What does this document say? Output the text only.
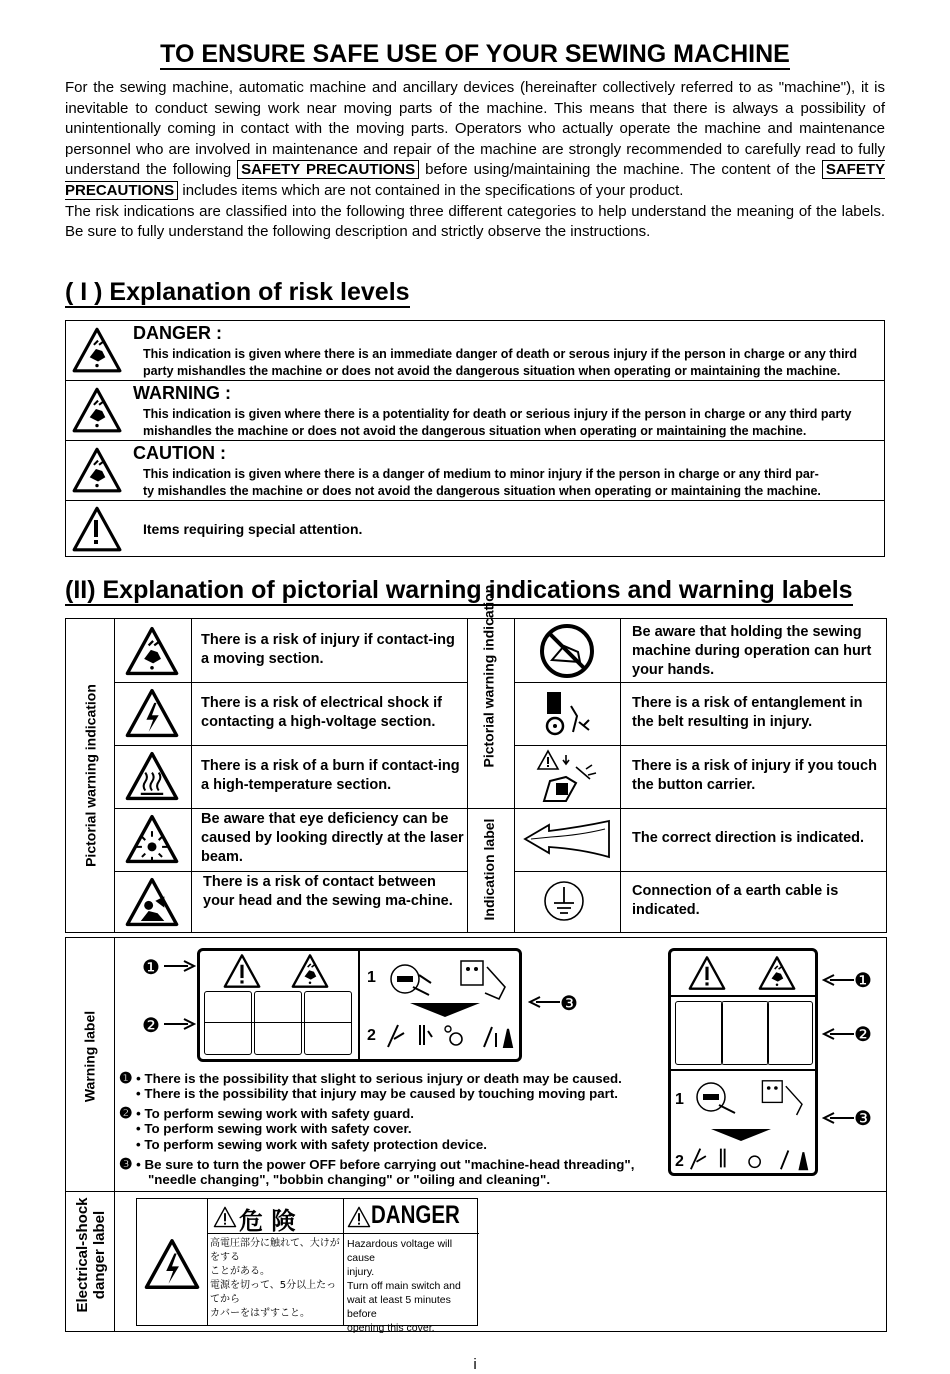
TO ENSURE SAFE USE OF YOUR SEWING MACHINE

For the sewing machine, automatic machine and ancillary devices (hereinafter collectively referred to as "machine"), it is inevitable to conduct sewing work near moving parts of the machine. This means that there is always a possibility of unintentionally coming in contact with the moving parts. Operators who actually operate the machine and maintenance personnel who are involved in maintenance and repair of the machine are strongly recommended to carefully read to fully understand the following SAFETY PRECAUTIONS before using/maintaining the machine. The content of the SAFETY PRECAUTIONS includes items which are not contained in the specifications of your product.

The risk indications are classified into the following three different categories to help understand the meaning of the labels. Be sure to fully understand the following description and strictly observe the instructions.

( I ) Explanation of risk levels
DANGER :
This indication is given where there is an immediate danger of death or serous injury if the person in charge or any third party mishandles the machine or does not avoid the dangerous situation when operating or maintaining the machine.
WARNING :
This indication is given where there is a potentiality for death or serious injury if the person in charge or any third party mishandles the machine or does not avoid the dangerous situation when operating or maintaining the machine.
CAUTION :
This indication is given where there is a danger of medium to minor injury if the person in charge or any third par-
ty mishandles the machine or does not avoid the dangerous situation when operating or maintaining the machine.
Items requiring special attention.
(II) Explanation of pictorial warning indications and warning labels
Pictorial warning indication
Pictorial warning indication
Indication label
There is a risk of injury if contact-ing a moving section.
There is a risk of electrical shock if contacting a high-voltage section.
There is a risk of a burn if contact-ing a high-temperature section.
Be aware that eye deficiency can be caused by looking directly at the laser beam.
There is a risk of contact between your head and the sewing ma-chine.
Be aware that holding the sewing machine during operation can hurt your hands.
There is a risk of entanglement in the belt resulting in injury.
There is a risk of injury if you touch the button carrier.
The correct direction is indicated.
Connection of a earth cable is indicated.
Warning label
Electrical-shock danger label
❶
❷
❸
1
2
1
2
❶
❷
❸
❶ • There is the possibility that slight to serious injury or death may be caused.
• There is the possibility that injury may be caused by touching moving part.
❷ • To perform sewing work with safety guard.
• To perform sewing work with safety cover.
• To perform sewing work with safety protection device.
❸ • Be sure to turn the power OFF before carrying out "machine-head threading",
"needle changing", "bobbin changing" or "oiling and cleaning".
危 険
高電圧部分に触れて、大けがをする
ことがある。
電源を切って、5分以上たってから
カバーをはずすこと。
DANGER
Hazardous voltage will cause
injury.
Turn off main switch and
wait at least 5 minutes before
opening this cover.
i
